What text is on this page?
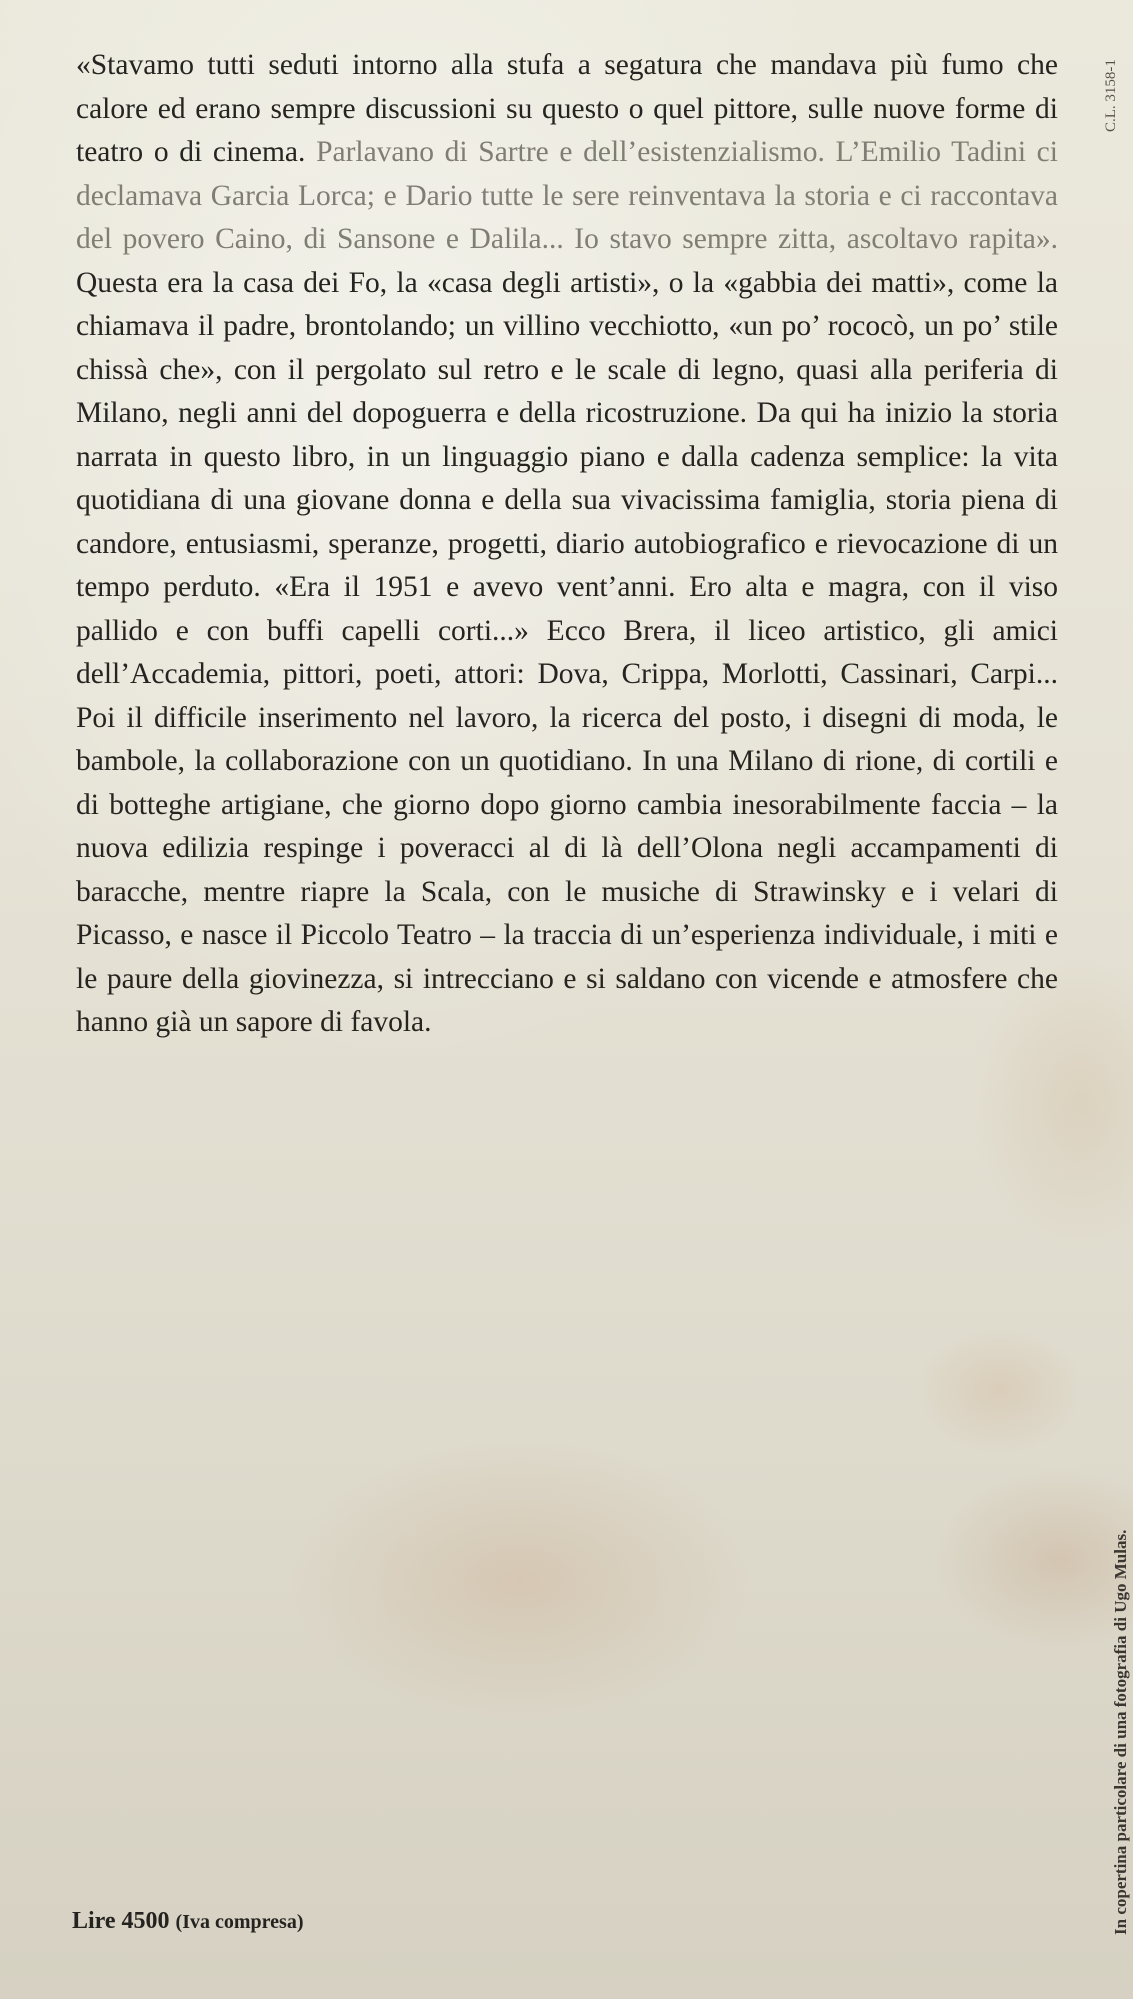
«Stavamo tutti seduti intorno alla stufa a segatura che mandava più fumo che calore ed erano sempre discussioni su questo o quel pittore, sulle nuove forme di teatro o di cinema. Parlavano di Sartre e dell’esistenzialismo. L’Emilio Tadini ci declamava Garcia Lorca; e Dario tutte le sere reinventava la storia e ci raccontava del povero Caino, di Sansone e Dalila... Io stavo sempre zitta, ascoltavo rapita». Questa era la casa dei Fo, la «casa degli artisti», o la «gabbia dei matti», come la chiamava il padre, brontolando; un villino vecchiotto, «un po’ rococò, un po’ stile chissà che», con il pergolato sul retro e le scale di legno, quasi alla periferia di Milano, negli anni del dopoguerra e della ricostruzione. Da qui ha inizio la storia narrata in questo libro, in un linguaggio piano e dalla cadenza semplice: la vita quotidiana di una giovane donna e della sua vivacissima famiglia, storia piena di candore, entusiasmi, speranze, progetti, diario autobiografico e rievocazione di un tempo perduto. «Era il 1951 e avevo vent’anni. Ero alta e magra, con il viso pallido e con buffi capelli corti...» Ecco Brera, il liceo artistico, gli amici dell’Accademia, pittori, poeti, attori: Dova, Crippa, Morlotti, Cassinari, Carpi... Poi il difficile inserimento nel lavoro, la ricerca del posto, i disegni di moda, le bambole, la collaborazione con un quotidiano. In una Milano di rione, di cortili e di botteghe artigiane, che giorno dopo giorno cambia inesorabilmente faccia – la nuova edilizia respinge i poveracci al di là dell’Olona negli accampamenti di baracche, mentre riapre la Scala, con le musiche di Strawinsky e i velari di Picasso, e nasce il Piccolo Teatro – la traccia di un’esperienza individuale, i miti e le paure della giovinezza, si intrecciano e si saldano con vicende e atmosfere che hanno già un sapore di favola.

Lire 4500 (Iva compresa)	In copertina particolare di una fotografia di Ugo Mulas.
C.L. 3158-1
